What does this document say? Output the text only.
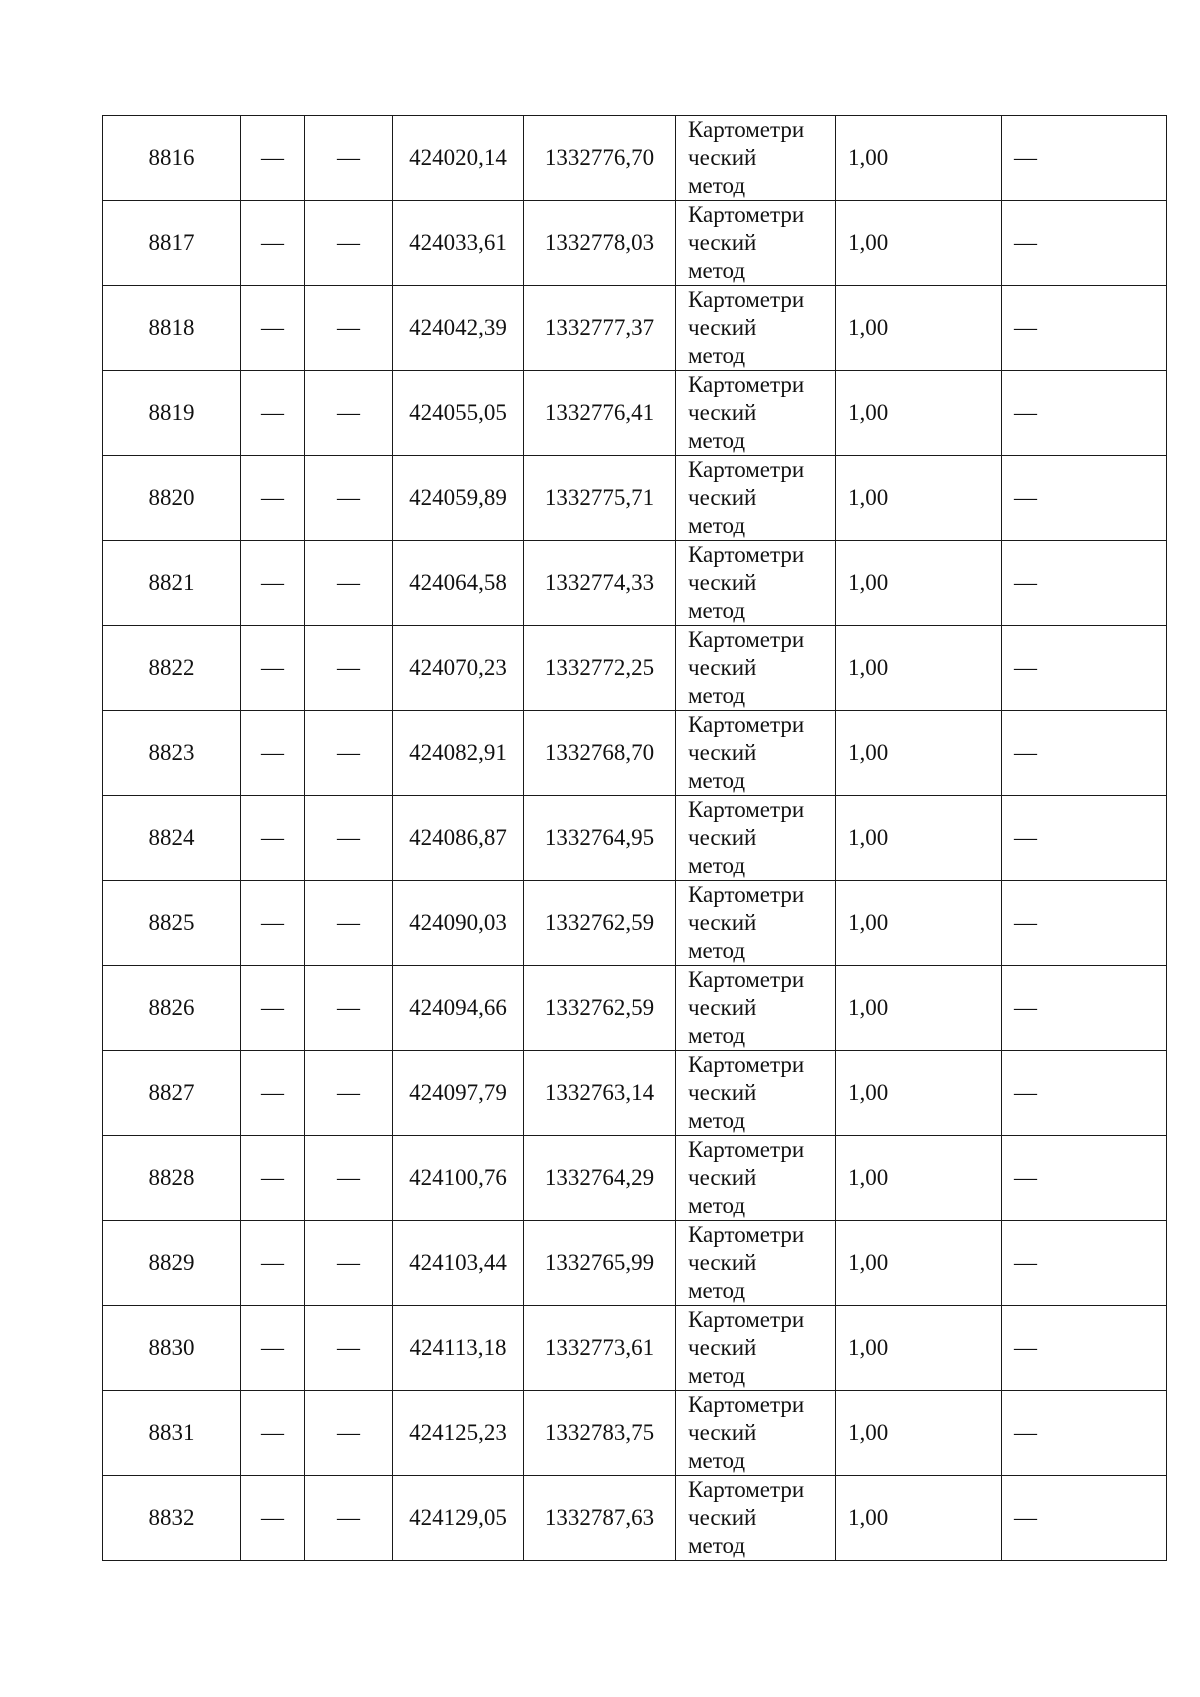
8816	—	—	424020,14	1332776,70	Картометри
ческий
метод	1,00	—
8817	—	—	424033,61	1332778,03	Картометри
ческий
метод	1,00	—
8818	—	—	424042,39	1332777,37	Картометри
ческий
метод	1,00	—
8819	—	—	424055,05	1332776,41	Картометри
ческий
метод	1,00	—
8820	—	—	424059,89	1332775,71	Картометри
ческий
метод	1,00	—
8821	—	—	424064,58	1332774,33	Картометри
ческий
метод	1,00	—
8822	—	—	424070,23	1332772,25	Картометри
ческий
метод	1,00	—
8823	—	—	424082,91	1332768,70	Картометри
ческий
метод	1,00	—
8824	—	—	424086,87	1332764,95	Картометри
ческий
метод	1,00	—
8825	—	—	424090,03	1332762,59	Картометри
ческий
метод	1,00	—
8826	—	—	424094,66	1332762,59	Картометри
ческий
метод	1,00	—
8827	—	—	424097,79	1332763,14	Картометри
ческий
метод	1,00	—
8828	—	—	424100,76	1332764,29	Картометри
ческий
метод	1,00	—
8829	—	—	424103,44	1332765,99	Картометри
ческий
метод	1,00	—
8830	—	—	424113,18	1332773,61	Картометри
ческий
метод	1,00	—
8831	—	—	424125,23	1332783,75	Картометри
ческий
метод	1,00	—
8832	—	—	424129,05	1332787,63	Картометри
ческий
метод	1,00	—
